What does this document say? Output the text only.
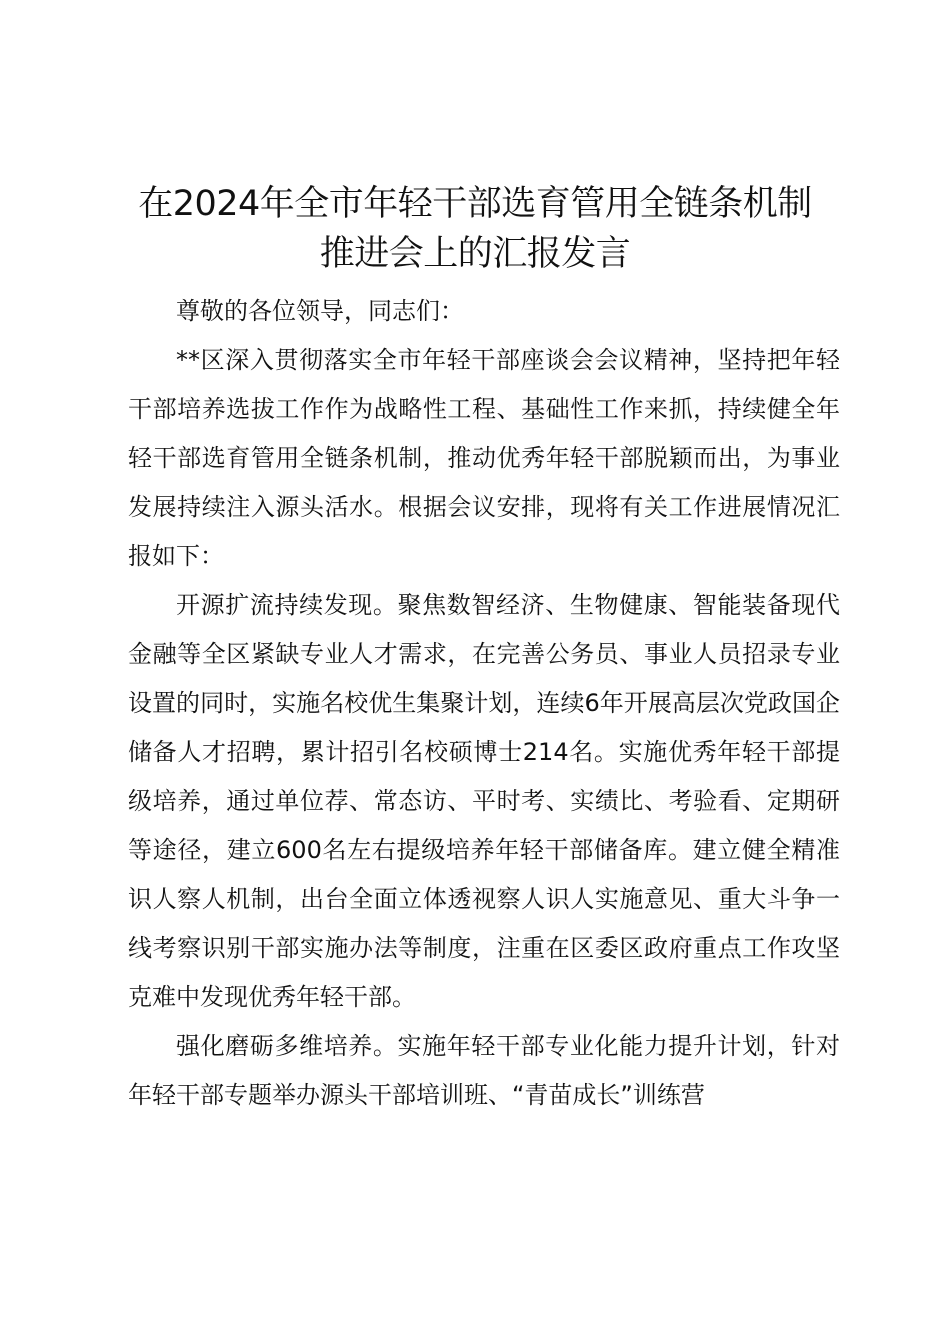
在2024年全市年轻干部选育管用全链条机制
推进会上的汇报发言

尊敬的各位领导，同志们：

**区深入贯彻落实全市年轻干部座谈会会议精神，坚持把年轻干部培养选拔工作作为战略性工程、基础性工作来抓，持续健全年轻干部选育管用全链条机制，推动优秀年轻干部脱颖而出，为事业发展持续注入源头活水。根据会议安排，现将有关工作进展情况汇报如下：

开源扩流持续发现。聚焦数智经济、生物健康、智能装备现代金融等全区紧缺专业人才需求，在完善公务员、事业人员招录专业设置的同时，实施名校优生集聚计划，连续6年开展高层次党政国企储备人才招聘，累计招引名校硕博士214名。实施优秀年轻干部提级培养，通过单位荐、常态访、平时考、实绩比、考验看、定期研等途径，建立600名左右提级培养年轻干部储备库。建立健全精准识人察人机制，出台全面立体透视察人识人实施意见、重大斗争一线考察识别干部实施办法等制度，注重在区委区政府重点工作攻坚克难中发现优秀年轻干部。

强化磨砺多维培养。实施年轻干部专业化能力提升计划，针对年轻干部专题举办源头干部培训班、“青苗成长”训练营
